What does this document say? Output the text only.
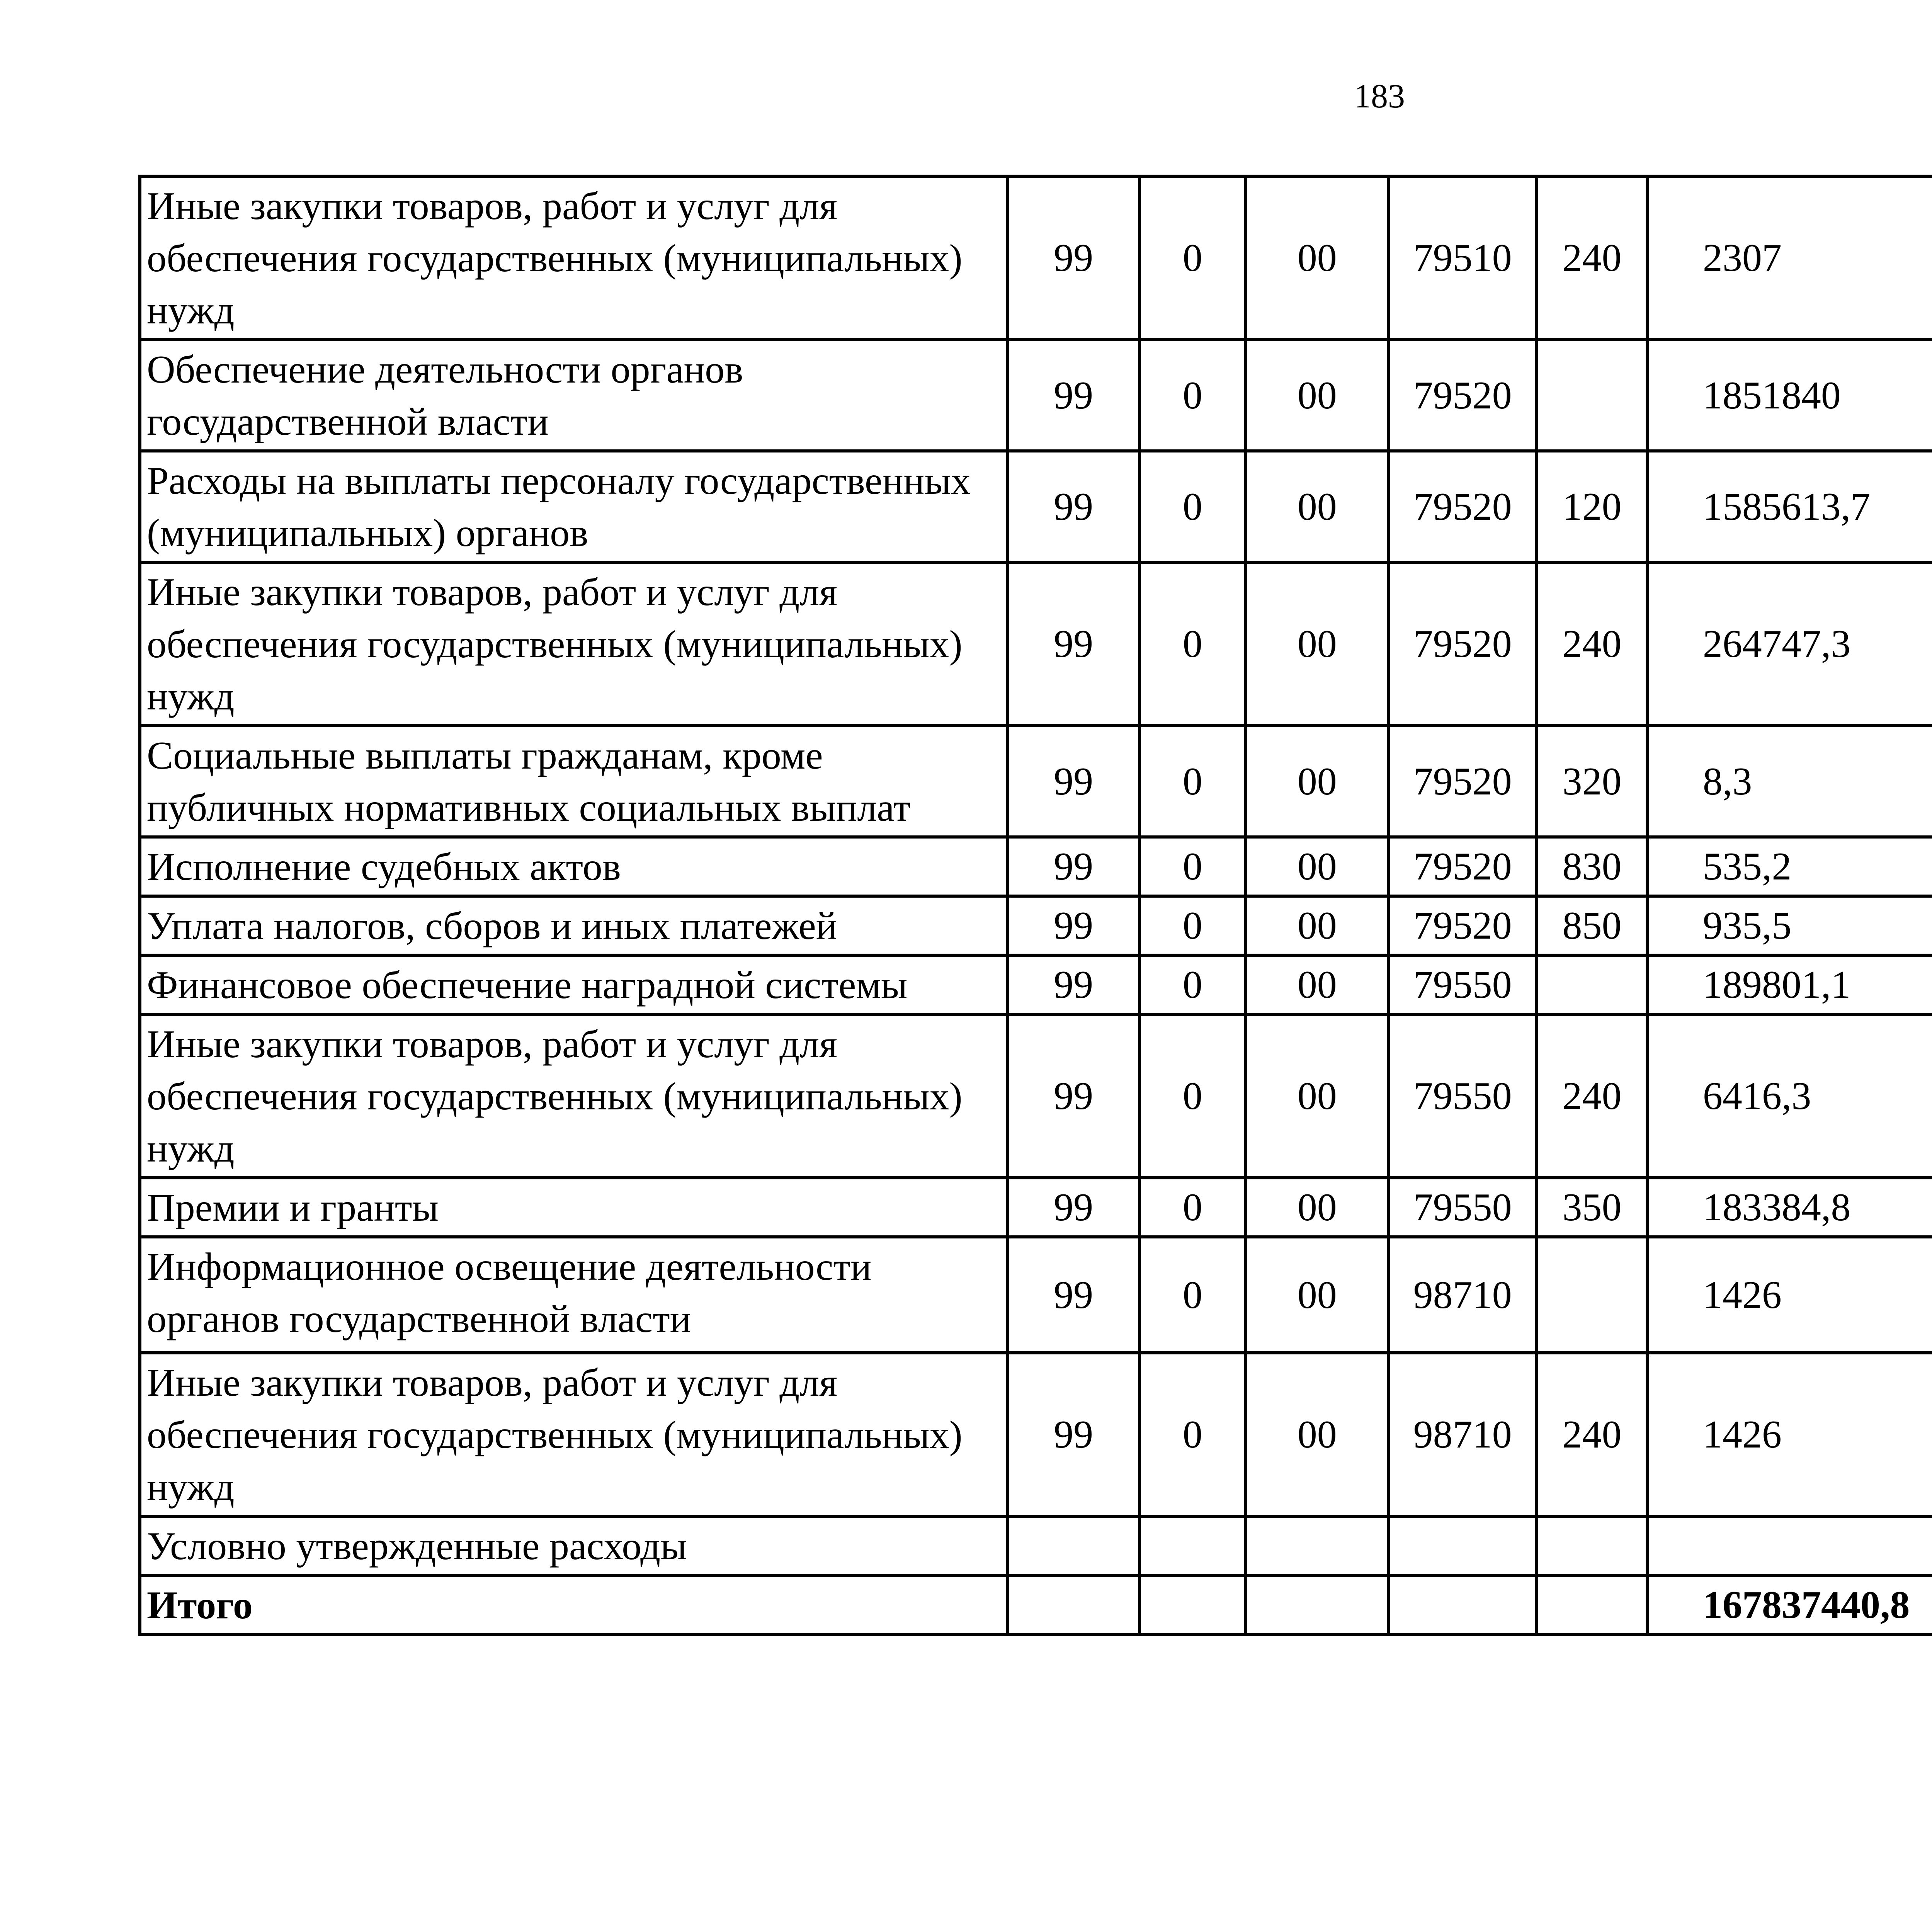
183
Иные закупки товаров, работ и услуг для обеспечения государственных (муниципальных) нужд	99	0	00	79510	240	2307		
Обеспечение деятельности органов государственной власти	99	0	00	79520		1851840		
Расходы на выплаты персоналу государственных (муниципальных) органов	99	0	00	79520	120	1585613,7		
Иные закупки товаров, работ и услуг для обеспечения государственных (муниципальных) нужд	99	0	00	79520	240	264747,3		
Социальные выплаты гражданам, кроме публичных нормативных социальных выплат	99	0	00	79520	320	8,3		
Исполнение судебных актов	99	0	00	79520	830	535,2		
Уплата налогов, сборов и иных платежей	99	0	00	79520	850	935,5		
Финансовое обеспечение наградной системы	99	0	00	79550		189801,1		
Иные закупки товаров, работ и услуг для обеспечения государственных (муниципальных) нужд	99	0	00	79550	240	6416,3		
Премии и гранты	99	0	00	79550	350	183384,8		
Информационное освещение деятельности органов государственной власти	99	0	00	98710		1426		
Иные закупки товаров, работ и услуг для обеспечения государственных (муниципальных) нужд	99	0	00	98710	240	1426		
Условно утвержденные расходы								
Итого						167837440,8		
